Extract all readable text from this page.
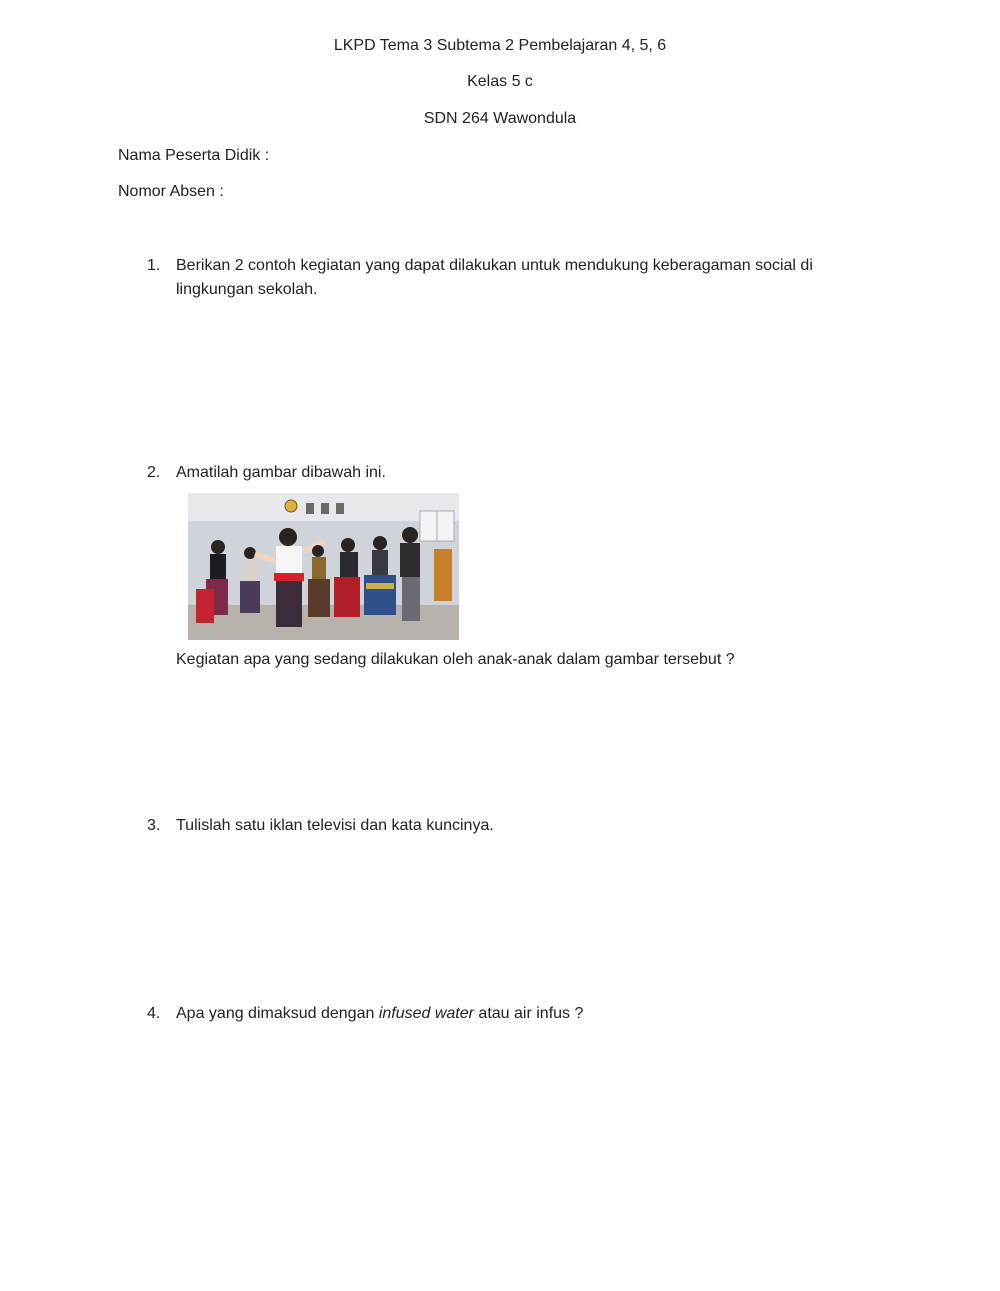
LKPD Tema 3 Subtema 2 Pembelajaran 4, 5, 6
Kelas 5 c
SDN 264 Wawondula
Nama Peserta Didik :
Nomor Absen :
1. Berikan 2 contoh kegiatan yang dapat dilakukan untuk mendukung keberagaman social di lingkungan sekolah.
2. Amatilah gambar dibawah ini.
Kegiatan apa yang sedang dilakukan oleh anak-anak dalam gambar tersebut ?
3. Tulislah satu iklan televisi dan kata kuncinya.
4. Apa yang dimaksud dengan infused water atau air infus ?
